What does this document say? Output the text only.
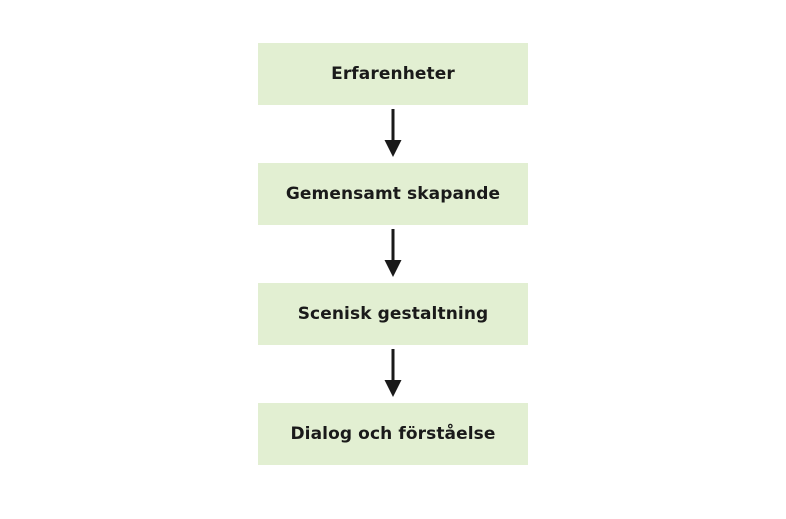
Erfarenheter
Gemensamt skapande
Scenisk gestaltning
Dialog och förståelse
